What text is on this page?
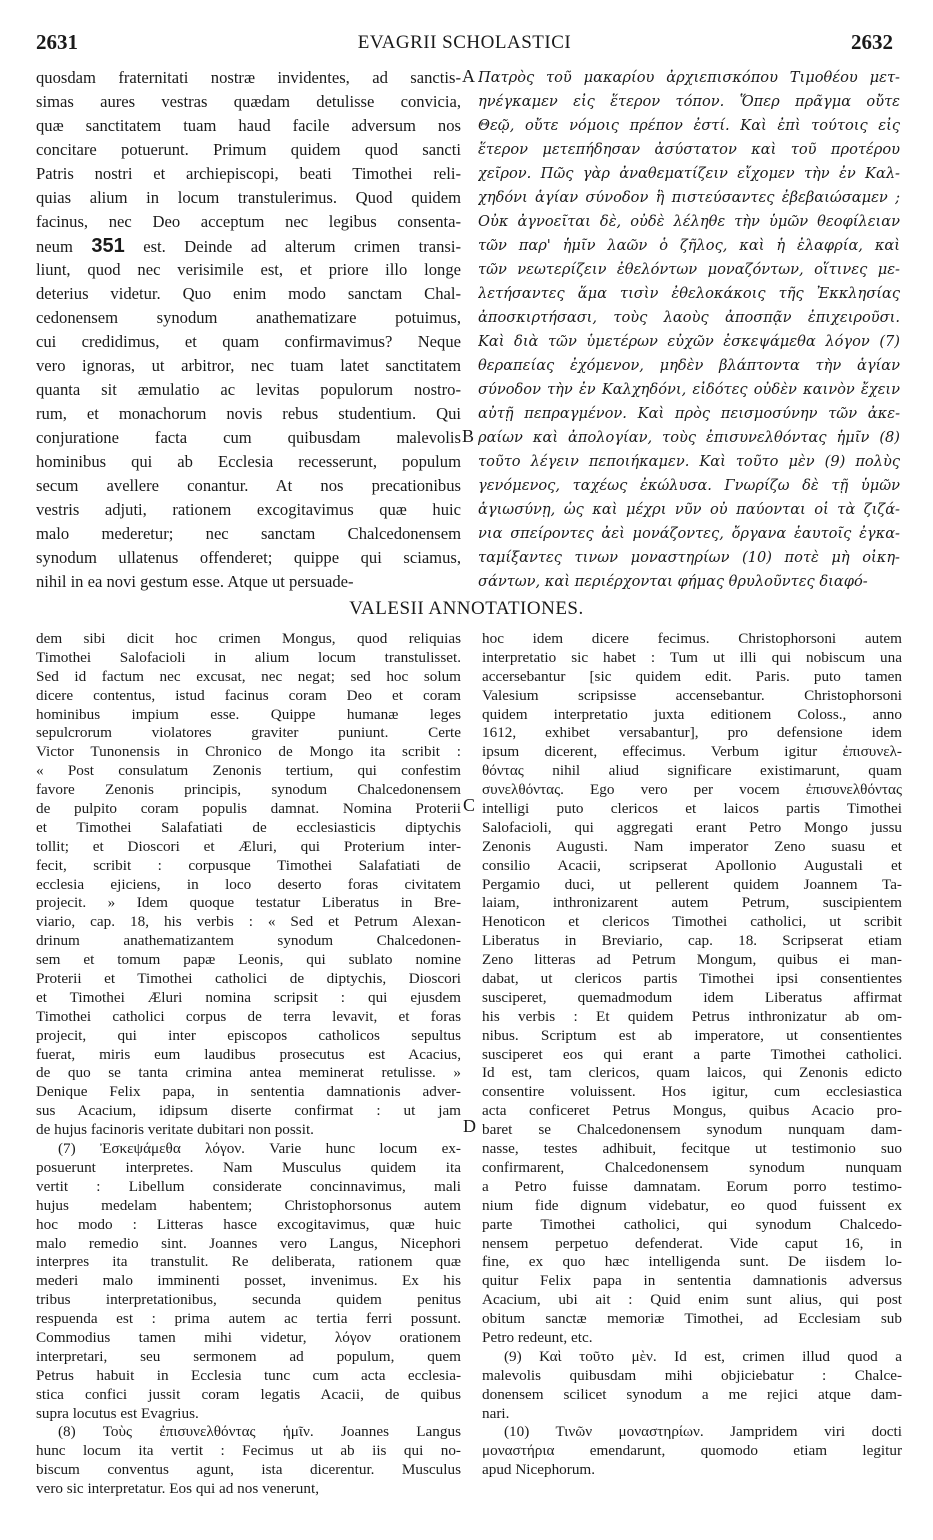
2631	EVAGRII SCHOLASTICI	2632
quosdam fraternitati nostræ invidentes, ad sanctis-
simas aures vestras quædam detulisse convicia,
quæ sanctitatem tuam haud facile adversum nos
concitare potuerunt. Primum quidem quod sancti
Patris nostri et archiepiscopi, beati Timothei reli-
quias alium in locum transtulerimus. Quod quidem
facinus, nec Deo acceptum nec legibus consenta-
neum 351 est. Deinde ad alterum crimen transi-
liunt, quod nec verisimile est, et priore illo longe
deterius videtur. Quo enim modo sanctam Chal-
cedonensem synodum anathematizare potuimus,
cui credidimus, et quam confirmavimus? Neque
vero ignoras, ut arbitror, nec tuam latet sanctitatem
quanta sit æmulatio ac levitas populorum nostro-
rum, et monachorum novis rebus studentium. Qui
conjuratione facta cum quibusdam malevolis
hominibus qui ab Ecclesia recesserunt, populum
secum avellere conantur. At nos precationibus
vestris adjuti, rationem excogitavimus quæ huic
malo mederetur; nec sanctam Chalcedonensem
synodum ullatenus offenderet; quippe qui sciamus,
nihil in ea novi gestum esse. Atque ut persuade-
Πατρὸς τοῦ μακαρίου ἀρχιεπισκόπου Τιμοθέου μετ-
ηνέγκαμεν εἰς ἕτερον τόπον. Ὅπερ πρᾶγμα οὔτε
Θεῷ, οὔτε νόμοις πρέπον ἐστί. Καὶ ἐπὶ τούτοις εἰς
ἕτερον μετεπήδησαν ἀσύστατον καὶ τοῦ προτέρου
χεῖρον. Πῶς γὰρ ἀναθεματίζειν εἴχομεν τὴν ἐν Καλ-
χηδόνι ἁγίαν σύνοδον ἣ πιστεύσαντες ἐβεβαιώσαμεν ;
Οὐκ ἀγνοεῖται δὲ, οὐδὲ λέληθε τὴν ὑμῶν θεοφίλειαν
τῶν παρ' ἡμῖν λαῶν ὁ ζῆλος, καὶ ἡ ἐλαφρία, καὶ
τῶν νεωτερίζειν ἐθελόντων μοναζόντων, οἵτινες με-
λετήσαντες ἅμα τισὶν ἐθελοκάκοις τῆς Ἐκκλησίας
ἀποσκιρτήσασι, τοὺς λαοὺς ἀποσπᾷν ἐπιχειροῦσι.
Καὶ διὰ τῶν ὑμετέρων εὐχῶν ἐσκεψάμεθα λόγον (7)
θεραπείας ἐχόμενον, μηδὲν βλάπτοντα τὴν ἁγίαν
σύνοδον τὴν ἐν Καλχηδόνι, εἰδότες οὐδὲν καινὸν ἔχειν
αὐτῇ πεπραγμένον. Καὶ πρὸς πεισμοσύνην τῶν ἀκε-
ραίων καὶ ἀπολογίαν, τοὺς ἐπισυνελθόντας ἡμῖν (8)
τοῦτο λέγειν πεποιήκαμεν. Καὶ τοῦτο μὲν (9) πολὺς
γενόμενος, ταχέως ἐκώλυσα. Γνωρίζω δὲ τῇ ὑμῶν
ἁγιωσύνῃ, ὡς καὶ μέχρι νῦν οὐ παύονται οἱ τὰ ζιζά-
νια σπείροντες ἀεὶ μονάζοντες, ὄργανα ἑαυτοῖς ἐγκα-
ταμίξαντες τινων μοναστηρίων (10) ποτὲ μὴ οἰκη-
σάντων, καὶ περιέρχονται φήμας θρυλοῦντες διαφό-
A
B
VALESII ANNOTATIONES.
dem sibi dicit hoc crimen Mongus, quod reliquias
Timothei Salofacioli in alium locum transtulisset.
Sed id factum nec excusat, nec negat; sed hoc solum
dicere contentus, istud facinus coram Deo et coram
hominibus impium esse. Quippe humanæ leges
sepulcrorum violatores graviter puniunt. Certe
Victor Tunonensis in Chronico de Mongo ita scribit :
« Post consulatum Zenonis tertium, qui confestim
favore Zenonis principis, synodum Chalcedonensem
de pulpito coram populis damnat. Nomina Proterii
et Timothei Salafatiati de ecclesiasticis diptychis
tollit; et Dioscori et Æluri, qui Proterium inter-
fecit, scribit : corpusque Timothei Salafatiati de
ecclesia ejiciens, in loco deserto foras civitatem
projecit. » Idem quoque testatur Liberatus in Bre-
viario, cap. 18, his verbis : « Sed et Petrum Alexan-
drinum anathematizantem synodum Chalcedonen-
sem et tomum papæ Leonis, qui sublato nomine
Proterii et Timothei catholici de diptychis, Dioscori
et Timothei Æluri nomina scripsit : qui ejusdem
Timothei catholici corpus de terra levavit, et foras
projecit, qui inter episcopos catholicos sepultus
fuerat, miris eum laudibus prosecutus est Acacius,
de quo se tanta crimina antea meminerat retulisse. »
Denique Felix papa, in sententia damnationis adver-
sus Acacium, idipsum diserte confirmat : ut jam
de hujus facinoris veritate dubitari non possit.
(7) Ἐσκεψάμεθα λόγον. Varie hunc locum ex-
posuerunt interpretes. Nam Musculus quidem ita
vertit : Libellum considerate concinnavimus, mali
hujus medelam habentem; Christophorsonus autem
hoc modo : Litteras hasce excogitavimus, quæ huic
malo remedio sint. Joannes vero Langus, Nicephori
interpres ita transtulit. Re deliberata, rationem quæ
mederi malo imminenti posset, invenimus. Ex his
tribus interpretationibus, secunda quidem penitus
respuenda est : prima autem ac tertia ferri possunt.
Commodius tamen mihi videtur, λόγον orationem
interpretari, seu sermonem ad populum, quem
Petrus habuit in Ecclesia tunc cum acta ecclesia-
stica confici jussit coram legatis Acacii, de quibus
supra locutus est Evagrius.
(8) Τοὺς ἐπισυνελθόντας ἡμῖν. Joannes Langus
hunc locum ita vertit : Fecimus ut ab iis qui no-
biscum conventus agunt, ista dicerentur. Musculus
vero sic interpretatur. Eos qui ad nos venerunt,
hoc idem dicere fecimus. Christophorsoni autem
interpretatio sic habet : Tum ut illi qui nobiscum una
accersebantur [sic quidem edit. Paris. puto tamen
Valesium scripsisse accensebantur. Christophorsoni
quidem interpretatio juxta editionem Coloss., anno
1612, exhibet versabantur], pro defensione idem
ipsum dicerent, effecimus. Verbum igitur ἐπισυνελ-
θόντας nihil aliud significare existimarunt, quam
συνελθόντας. Ego vero per vocem ἐπισυνελθόντας
intelligi puto clericos et laicos partis Timothei
Salofacioli, qui aggregati erant Petro Mongo jussu
Zenonis Augusti. Nam imperator Zeno suasu et
consilio Acacii, scripserat Apollonio Augustali et
Pergamio duci, ut pellerent quidem Joannem Ta-
laiam, inthronizarent autem Petrum, suscipientem
Henoticon et clericos Timothei catholici, ut scribit
Liberatus in Breviario, cap. 18. Scripserat etiam
Zeno litteras ad Petrum Mongum, quibus ei man-
dabat, ut clericos partis Timothei ipsi consentientes
susciperet, quemadmodum idem Liberatus affirmat
his verbis : Et quidem Petrus inthronizatur ab om-
nibus. Scriptum est ab imperatore, ut consentientes
susciperet eos qui erant a parte Timothei catholici.
Id est, tam clericos, quam laicos, qui Zenonis edicto
consentire voluissent. Hos igitur, cum ecclesiastica
acta conficeret Petrus Mongus, quibus Acacio pro-
baret se Chalcedonensem synodum nunquam dam-
nasse, testes adhibuit, fecitque ut testimonio suo
confirmarent, Chalcedonensem synodum nunquam
a Petro fuisse damnatam. Eorum porro testimo-
nium fide dignum videbatur, eo quod fuissent ex
parte Timothei catholici, qui synodum Chalcedo-
nensem perpetuo defenderat. Vide caput 16, in
fine, ex quo hæc intelligenda sunt. De iisdem lo-
quitur Felix papa in sententia damnationis adversus
Acacium, ubi ait : Quid enim sunt alius, qui post
obitum sanctæ memoriæ Timothei, ad Ecclesiam sub
Petro redeunt, etc.
(9) Καὶ τοῦτο μὲν. Id est, crimen illud quod a
malevolis quibusdam mihi objiciebatur : Chalce-
donensem scilicet synodum a me rejici atque dam-
nari.
(10) Τινῶν μοναστηρίων. Jampridem viri docti
μοναστήρια emendarunt, quomodo etiam legitur
apud Nicephorum.
C
D
